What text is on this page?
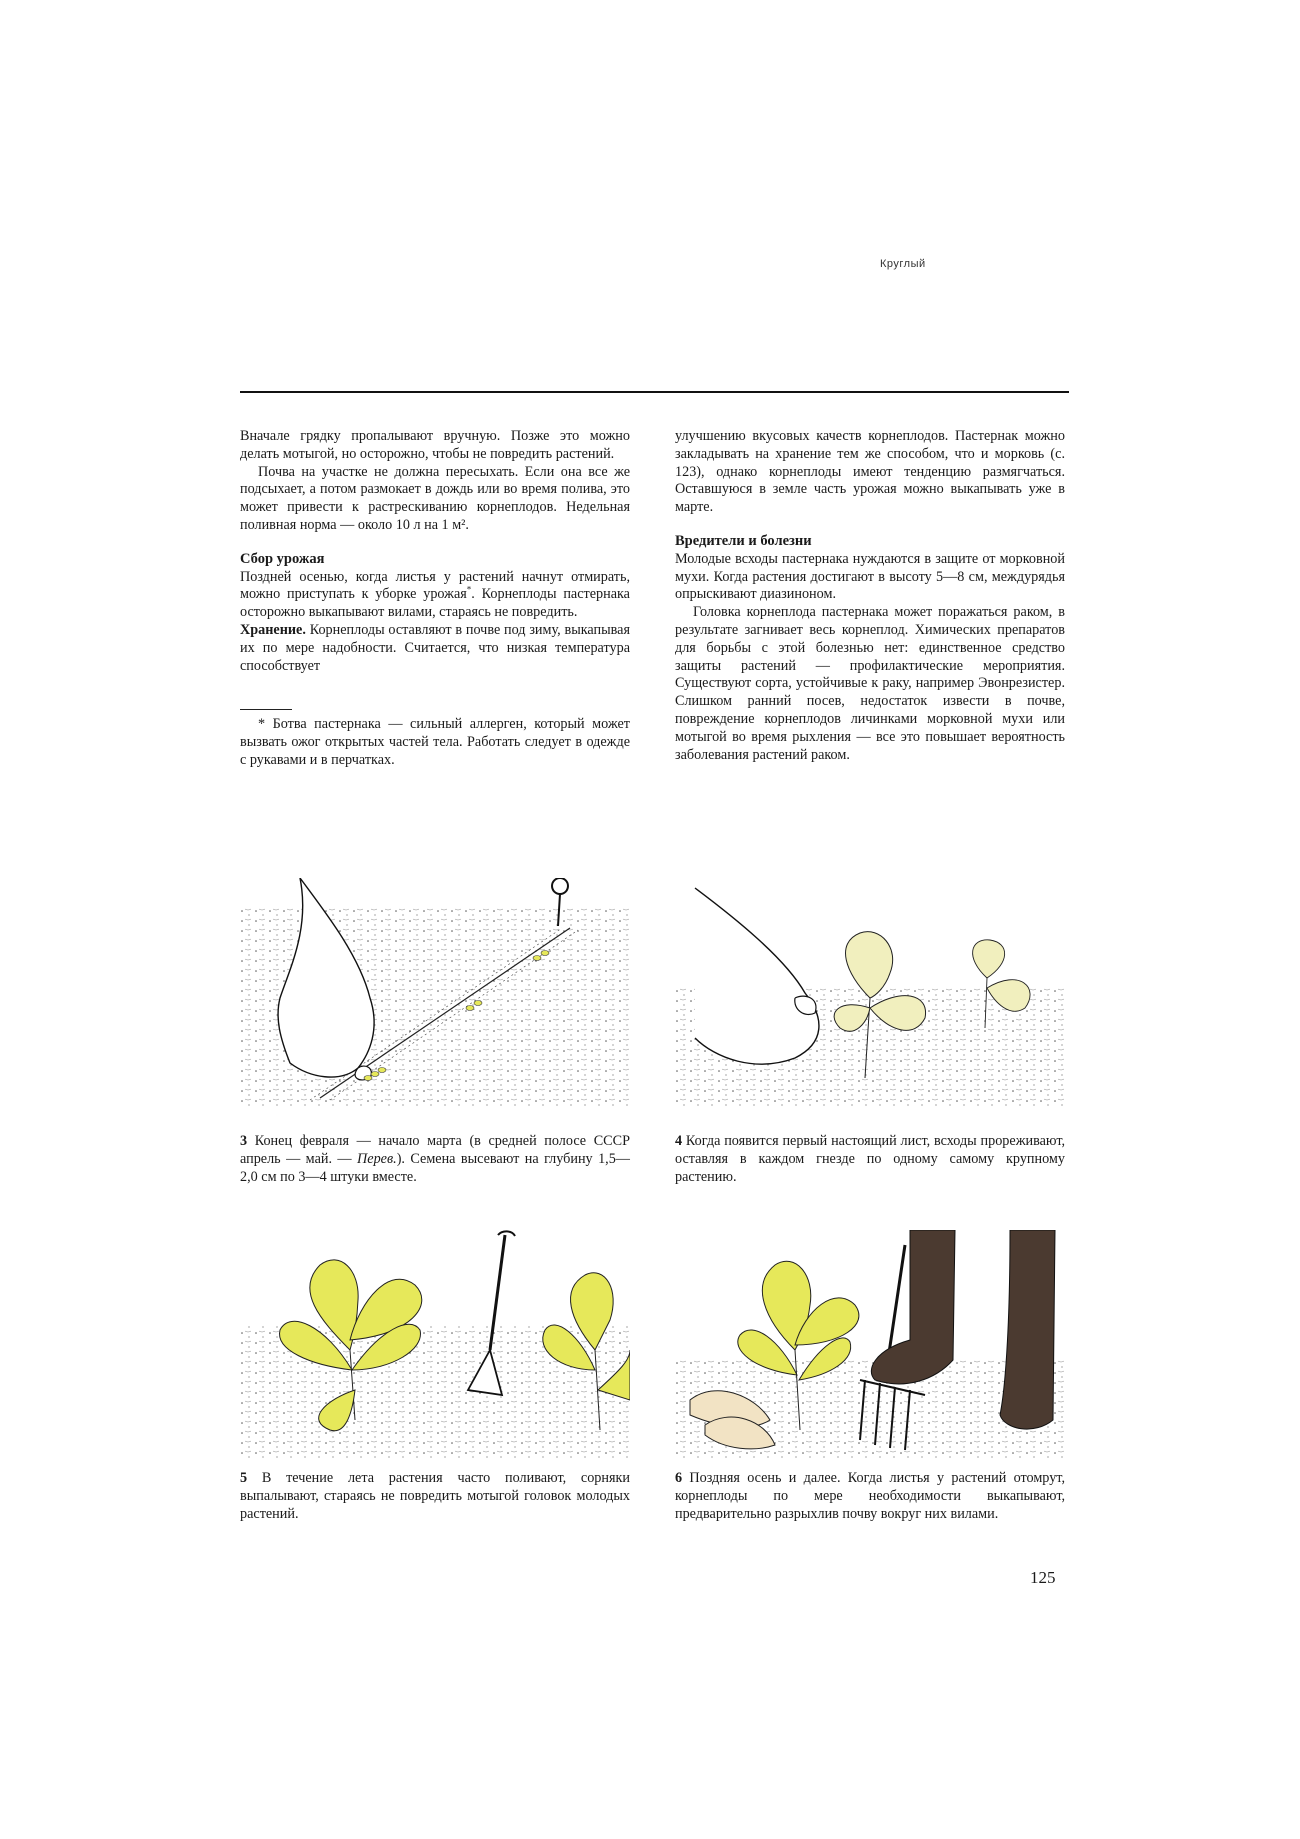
Круглый

Вначале грядку пропалывают вручную. Позже это можно делать мотыгой, но осторожно, чтобы не повредить растений.

Почва на участке не должна пересыхать. Если она все же подсыхает, а потом размокает в дождь или во время полива, это может привести к растрескиванию корнеплодов. Недельная поливная норма — около 10 л на 1 м².

Сбор урожая

Поздней осенью, когда листья у растений начнут отмирать, можно приступать к уборке урожая*. Корнеплоды пастернака осторожно выкапывают вилами, стараясь не повредить.

Хранение. Корнеплоды оставляют в почве под зиму, выкапывая их по мере надобности. Считается, что низкая температура способствует

* Ботва пастернака — сильный аллерген, который может вызвать ожог открытых частей тела. Работать следует в одежде с рукавами и в перчатках.

улучшению вкусовых качеств корнеплодов. Пастернак можно закладывать на хранение тем же способом, что и морковь (с. 123), однако корнеплоды имеют тенденцию размягчаться. Оставшуюся в земле часть урожая можно выкапывать уже в марте.

Вредители и болезни

Молодые всходы пастернака нуждаются в защите от морковной мухи. Когда растения достигают в высоту 5—8 см, междурядья опрыскивают диазиноном.

Головка корнеплода пастернака может поражаться раком, в результате загнивает весь корнеплод. Химических препаратов для борьбы с этой болезнью нет: единственное средство защиты растений — профилактические мероприятия. Существуют сорта, устойчивые к раку, например Эвонрезистер. Слишком ранний посев, недостаток извести в почве, повреждение корнеплодов личинками морковной мухи или мотыгой во время рыхления — все это повышает вероятность заболевания растений раком.

3 Конец февраля — начало марта (в средней полосе СССР апрель — май. — Перев.). Семена высевают на глубину 1,5—2,0 см по 3—4 штуки вместе.

4 Когда появится первый настоящий лист, всходы прореживают, оставляя в каждом гнезде по одному самому крупному растению.

5 В течение лета растения часто поливают, сорняки выпалывают, стараясь не повредить мотыгой головок молодых растений.

6 Поздняя осень и далее. Когда листья у растений отомрут, корнеплоды по мере необходимости выкапывают, предварительно разрыхлив почву вокруг них вилами.

125
